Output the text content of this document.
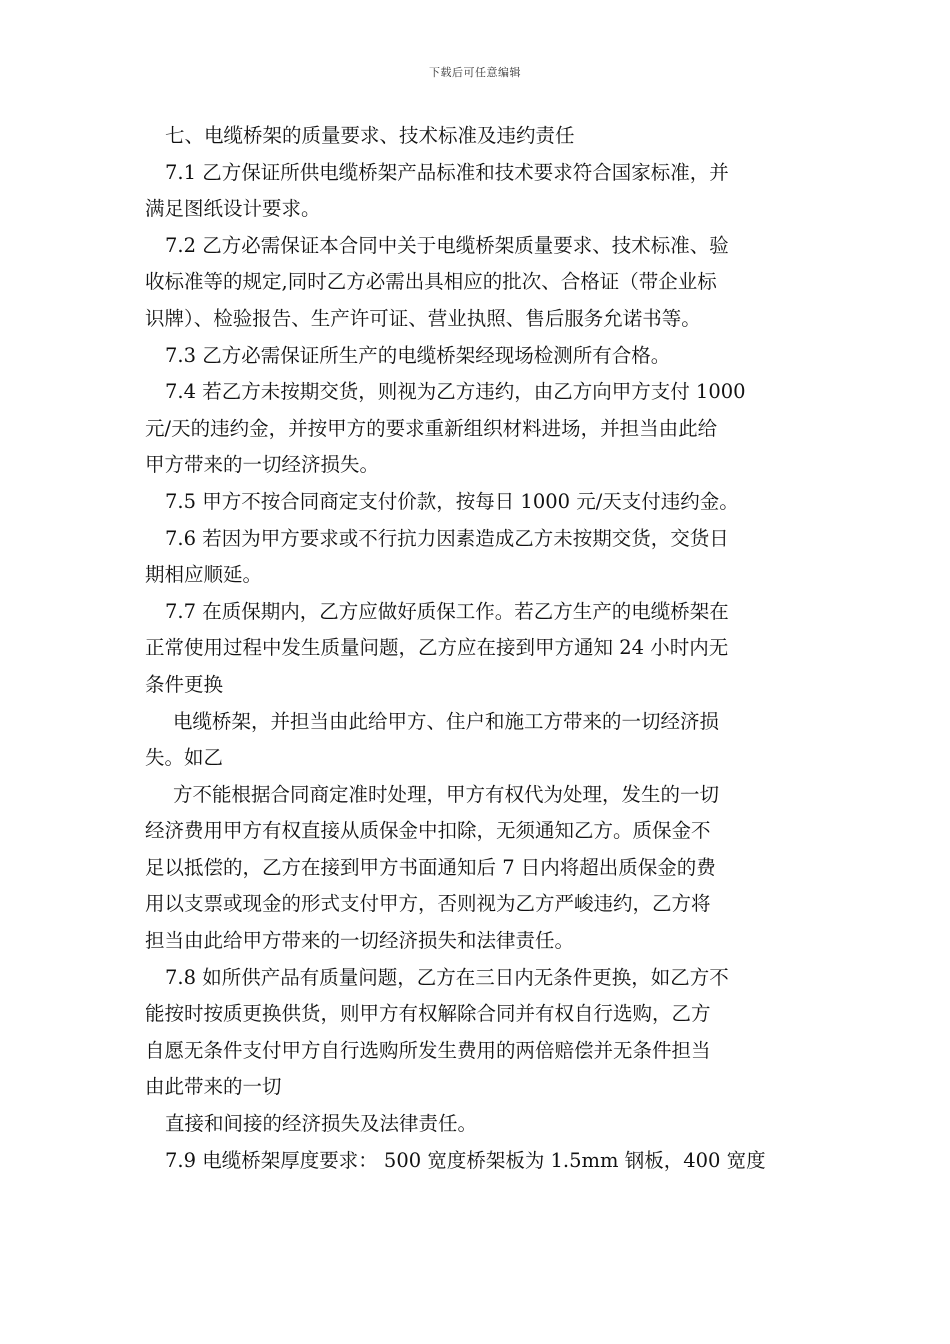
下载后可任意编辑
七、电缆桥架的质量要求、技术标准及违约责任
7.1 乙方保证所供电缆桥架产品标准和技术要求符合国家标准，并
满足图纸设计要求。
7.2 乙方必需保证本合同中关于电缆桥架质量要求、技术标准、验
收标准等的规定,同时乙方必需出具相应的批次、合格证（带企业标
识牌）、检验报告、生产许可证、营业执照、售后服务允诺书等。
7.3 乙方必需保证所生产的电缆桥架经现场检测所有合格。
7.4 若乙方未按期交货，则视为乙方违约，由乙方向甲方支付 1000
元/天的违约金，并按甲方的要求重新组织材料进场，并担当由此给
甲方带来的一切经济损失。
7.5 甲方不按合同商定支付价款，按每日 1000 元/天支付违约金。
7.6 若因为甲方要求或不行抗力因素造成乙方未按期交货，交货日
期相应顺延。
7.7 在质保期内，乙方应做好质保工作。若乙方生产的电缆桥架在
正常使用过程中发生质量问题，乙方应在接到甲方通知 24 小时内无
条件更换
电缆桥架，并担当由此给甲方、住户和施工方带来的一切经济损
失。如乙
方不能根据合同商定准时处理，甲方有权代为处理，发生的一切
经济费用甲方有权直接从质保金中扣除，无须通知乙方。质保金不
足以抵偿的，乙方在接到甲方书面通知后 7 日内将超出质保金的费
用以支票或现金的形式支付甲方，否则视为乙方严峻违约，乙方将
担当由此给甲方带来的一切经济损失和法律责任。
7.8 如所供产品有质量问题，乙方在三日内无条件更换，如乙方不
能按时按质更换供货，则甲方有权解除合同并有权自行选购，乙方
自愿无条件支付甲方自行选购所发生费用的两倍赔偿并无条件担当
由此带来的一切
直接和间接的经济损失及法律责任。
7.9 电缆桥架厚度要求： 500 宽度桥架板为 1.5mm 钢板，400 宽度
